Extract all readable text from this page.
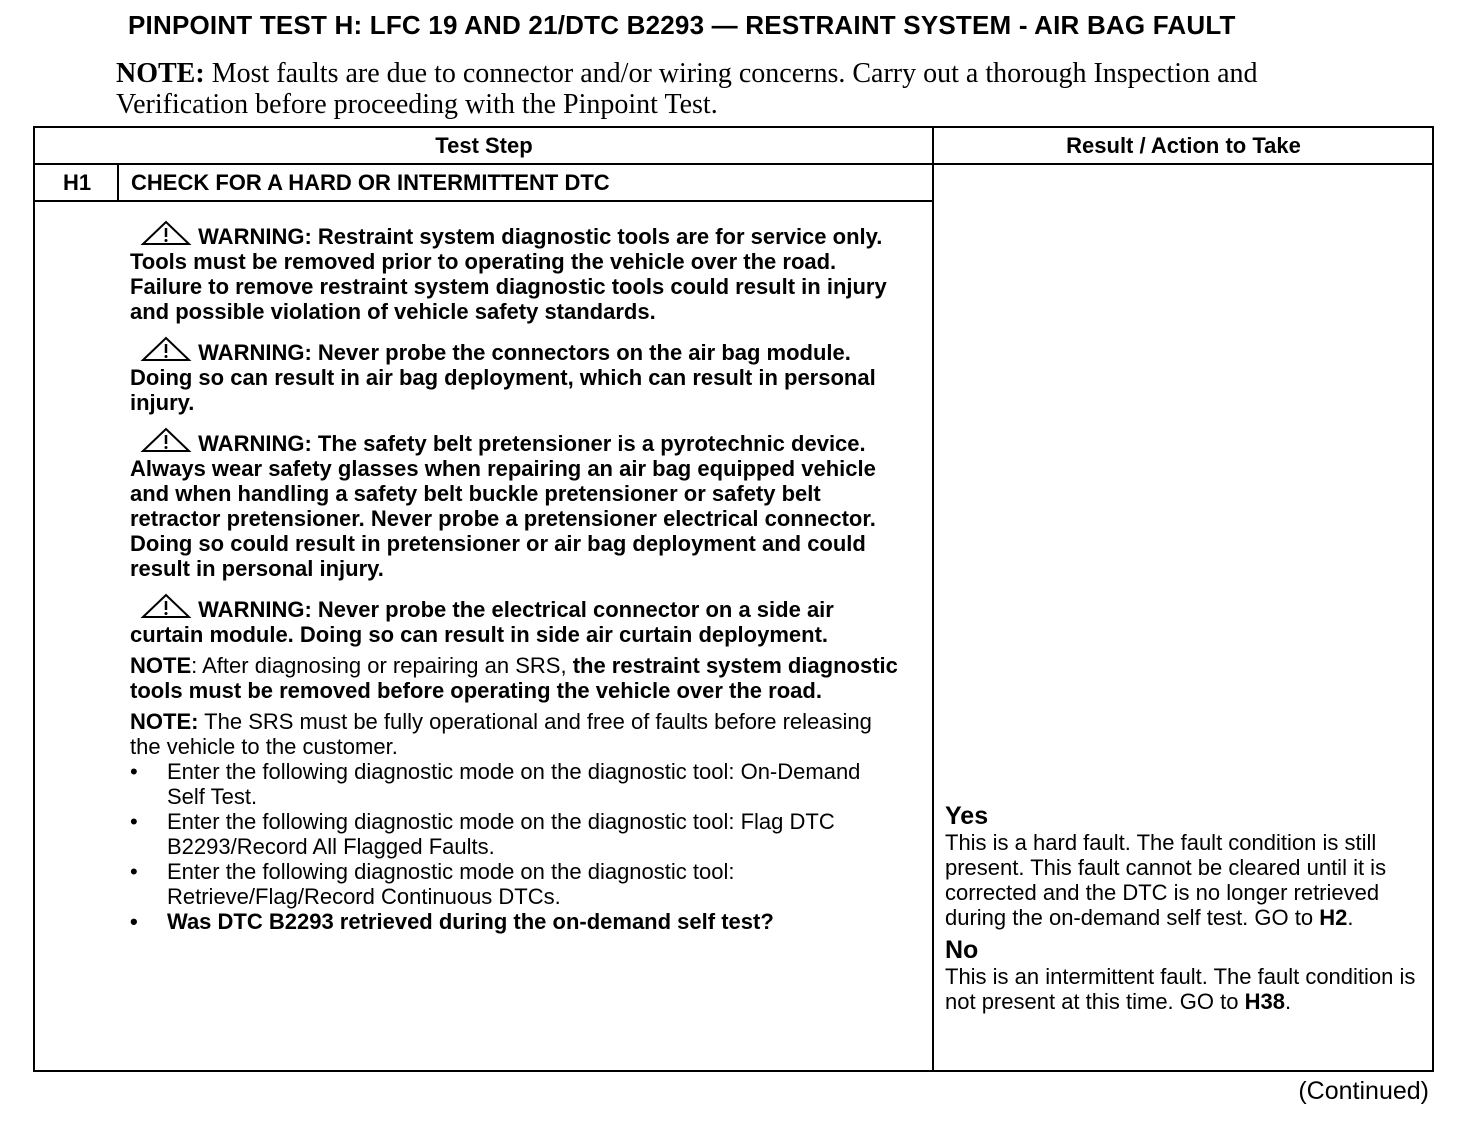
PINPOINT TEST H: LFC 19 AND 21/DTC B2293 — RESTRAINT SYSTEM - AIR BAG FAULT
NOTE: Most faults are due to connector and/or wiring concerns. Carry out a thorough Inspection and Verification before proceeding with the Pinpoint Test.
Test Step	Result / Action to Take
H1	CHECK FOR A HARD OR INTERMITTENT DTC

WARNING: Restraint system diagnostic tools are for service only. Tools must be removed prior to operating the vehicle over the road. Failure to remove restraint system diagnostic tools could result in injury and possible violation of vehicle safety standards.

WARNING: Never probe the connectors on the air bag module. Doing so can result in air bag deployment, which can result in personal injury.

WARNING: The safety belt pretensioner is a pyrotechnic device. Always wear safety glasses when repairing an air bag equipped vehicle and when handling a safety belt buckle pretensioner or safety belt retractor pretensioner. Never probe a pretensioner electrical connector. Doing so could result in pretensioner or air bag deployment and could result in personal injury.

WARNING: Never probe the electrical connector on a side air curtain module. Doing so can result in side air curtain deployment.

NOTE: After diagnosing or repairing an SRS, the restraint system diagnostic tools must be removed before operating the vehicle over the road.

NOTE: The SRS must be fully operational and free of faults before releasing the vehicle to the customer.

• Enter the following diagnostic mode on the diagnostic tool: On-Demand Self Test.
• Enter the following diagnostic mode on the diagnostic tool: Flag DTC B2293/Record All Flagged Faults.
• Enter the following diagnostic mode on the diagnostic tool: Retrieve/Flag/Record Continuous DTCs.
• Was DTC B2293 retrieved during the on-demand self test?
Yes

This is a hard fault. The fault condition is still present. This fault cannot be cleared until it is corrected and the DTC is no longer retrieved during the on-demand self test. GO to H2.

No

This is an intermittent fault. The fault condition is not present at this time. GO to H38.

(Continued)
